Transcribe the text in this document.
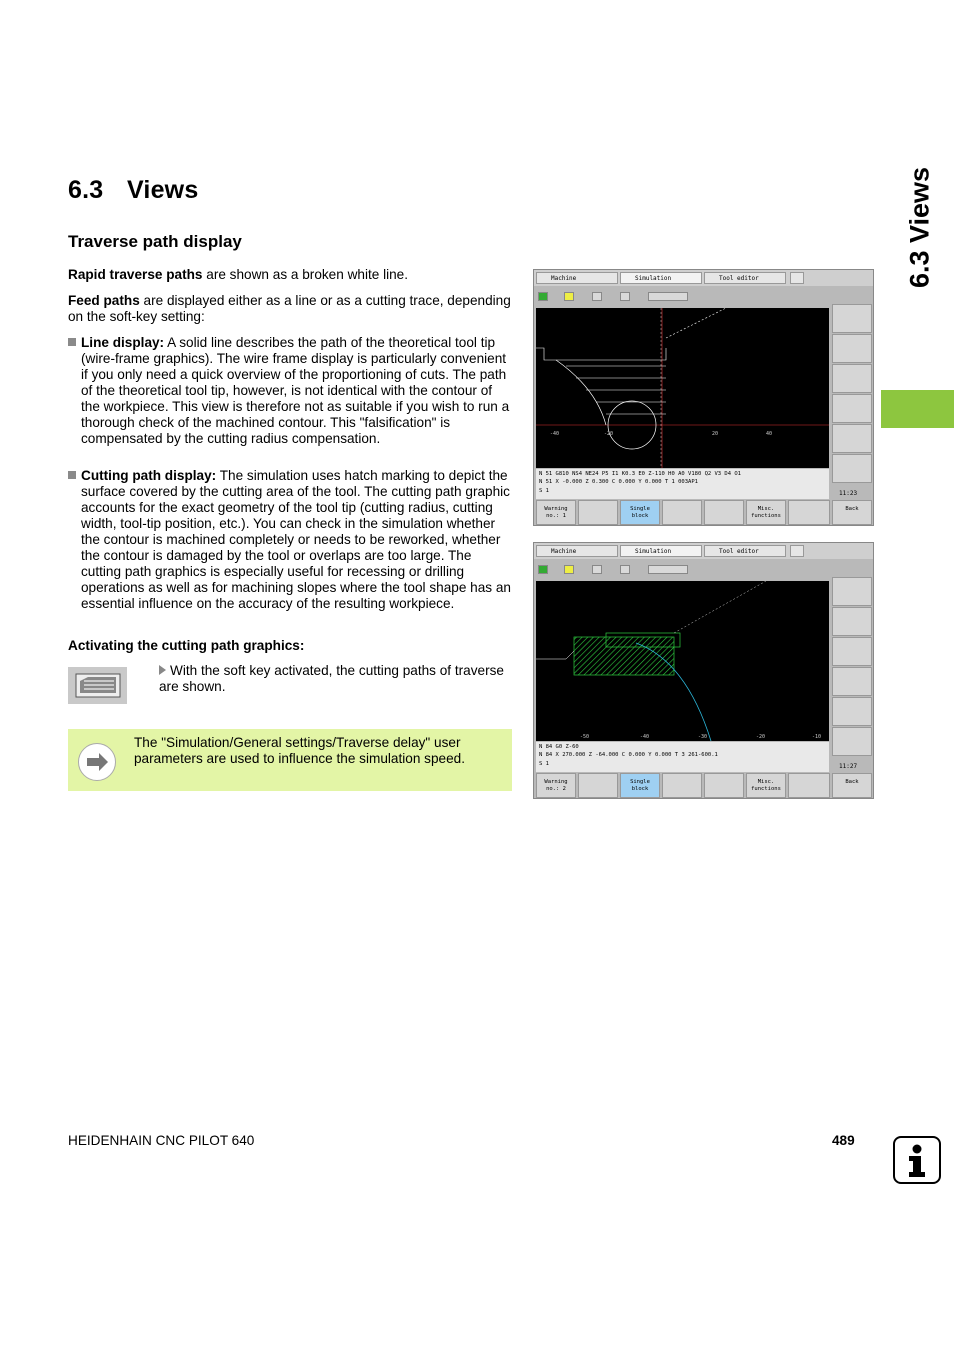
6.3 Views
Traverse path display

Rapid traverse paths are shown as a broken white line.

Feed paths are displayed either as a line or as a cutting trace, depending on the soft-key setting:

Line display: A solid line describes the path of the theoretical tool tip (wire-frame graphics). The wire frame display is particularly convenient if you only need a quick overview of the proportioning of cuts. The path of the theoretical tool tip, however, is not identical with the contour of the workpiece. This view is therefore not as suitable if you wish to run a thorough check of the machined contour. This "falsification" is compensated by the cutting radius compensation.
Cutting path display: The simulation uses hatch marking to depict the surface covered by the cutting area of the tool. The cutting path graphic accounts for the exact geometry of the tool tip (cutting radius, cutting width, tool-tip position, etc.). You can check in the simulation whether the contour is machined completely or needs to be reworked, whether the contour is damaged by the tool or overlaps are too large. The cutting path graphics is especially useful for recessing or drilling operations as well as for machining slopes where the tool shape has an essential influence on the accuracy of the resulting workpiece.
Activating the cutting path graphics:
With the soft key activated, the cutting paths of traverse are shown.
The "Simulation/General settings/Traverse delay" user parameters are used to influence the simulation speed.
6.3 Views
HEIDENHAIN CNC PILOT 640	489
Machine	Simulation	Tool editor
-40	-20	20	40
N 51 G810 NS4 NE24 P5 I1 K0.3 E0 Z-110 H0 A0 V180 Q2 V3 D4 O1
N 51 X -0.000 Z 0.300 C 0.000 Y 0.000 T 1 003AP1
S 1	11:23
Warning no.: 1
Single block
Misc. functions
Back
Machine	Simulation	Tool editor
-50	-40	-30	-20	-10
N 84 G0 Z-60
N 84 X 270.000 Z -64.000 C 0.000 Y 0.000 T 3 261-600.1
S 1	11:27
Warning no.: 2
Single block
Misc. functions
Back
